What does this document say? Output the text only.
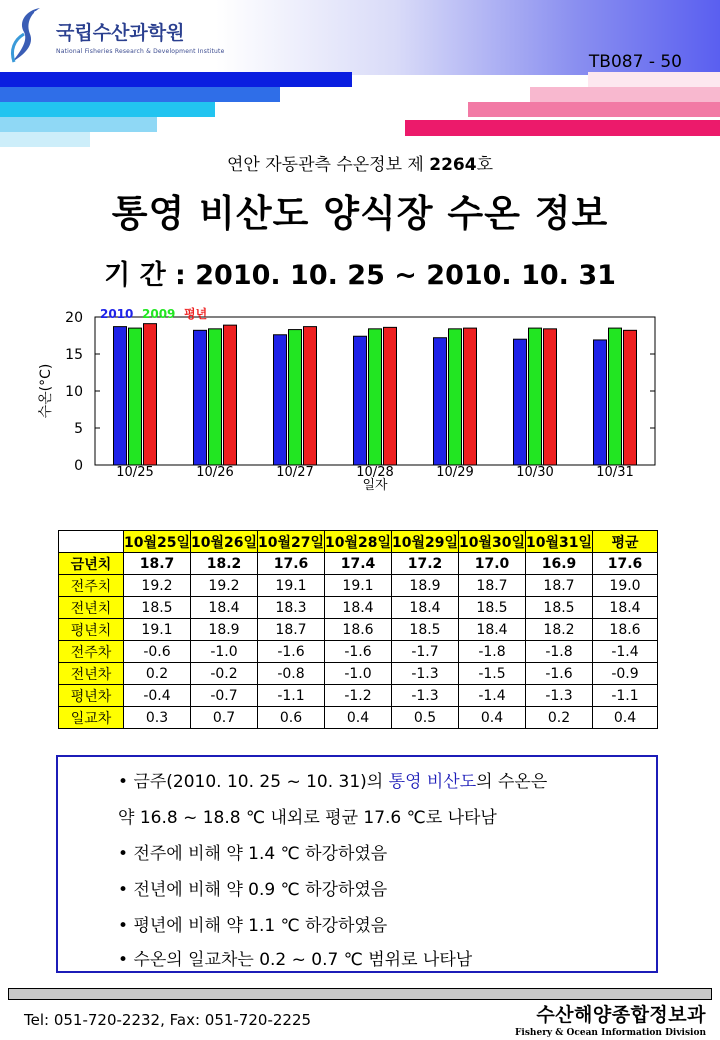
국립수산과학원
National Fisheries Research & Development Institute
TB087 - 50
연안 자동관측 수온정보 제 2264호
통영 비산도 양식장 수온 정보
기 간 : 2010. 10. 25 ~ 2010. 10. 31
0
5
10
15
20
10/25	10/26	10/27	10/28	10/29	10/30	10/31
일자
수온(°C)
2010 2009 평년
	10월25일	10월26일	10월27일	10월28일	10월29일	10월30일	10월31일	평균
금년치	18.7	18.2	17.6	17.4	17.2	17.0	16.9	17.6
전주치	19.2	19.2	19.1	19.1	18.9	18.7	18.7	19.0
전년치	18.5	18.4	18.3	18.4	18.4	18.5	18.5	18.4
평년치	19.1	18.9	18.7	18.6	18.5	18.4	18.2	18.6
전주차	-0.6	-1.0	-1.6	-1.6	-1.7	-1.8	-1.8	-1.4
전년차	0.2	-0.2	-0.8	-1.0	-1.3	-1.5	-1.6	-0.9
평년차	-0.4	-0.7	-1.1	-1.2	-1.3	-1.4	-1.3	-1.1
일교차	0.3	0.7	0.6	0.4	0.5	0.4	0.2	0.4
• 금주(2010. 10. 25 ~ 10. 31)의 통영 비산도의 수온은
약 16.8 ~ 18.8 ℃ 내외로 평균 17.6 ℃로 나타남
• 전주에 비해 약 1.4 ℃ 하강하였음
• 전년에 비해 약 0.9 ℃ 하강하였음
• 평년에 비해 약 1.1 ℃ 하강하였음
• 수온의 일교차는 0.2 ~ 0.7 ℃ 범위로 나타남
Tel: 051-720-2232, Fax: 051-720-2225	수산해양종합정보과
Fishery & Ocean Information Division
